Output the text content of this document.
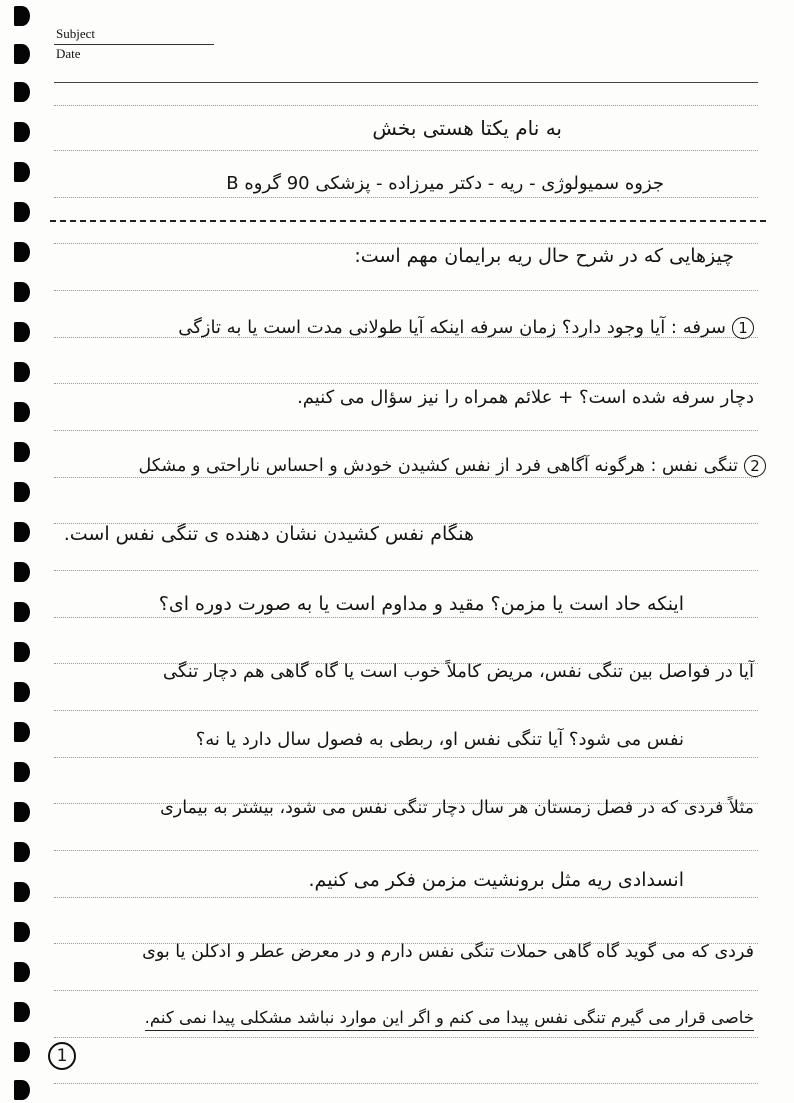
Subject
Date
به نام یکتا هستی بخش
جزوه سمیولوژی - ریه - دکتر میرزاده - پزشکی 90 گروه B
چیزهایی که در شرح حال ریه برایمان مهم است:
1سرفه : آیا وجود دارد؟ زمان سرفه اینکه آیا طولانی مدت است یا به تازگی
دچار سرفه شده است؟ + علائم همراه را نیز سؤال می کنیم.
2تنگی نفس : هرگونه آگاهی فرد از نفس کشیدن خودش و احساس ناراحتی و مشکل
هنگام نفس کشیدن نشان دهنده ی تنگی نفس است.
اینکه حاد است یا مزمن؟ مقید و مداوم است یا به صورت دوره ای؟
آیا در فواصل بین تنگی نفس، مریض کاملاً خوب است یا گاه گاهی هم دچار تنگی
نفس می شود؟ آیا تنگی نفس او، ربطی به فصول سال دارد یا نه؟
مثلاً فردی که در فصل زمستان هر سال دچار تنگی نفس می شود، بیشتر به بیماری
انسدادی ریه مثل برونشیت مزمن فکر می کنیم.
فردی که می گوید گاه گاهی حملات تنگی نفس دارم و در معرض عطر و ادکلن یا بوی
خاصی قرار می گیرم تنگی نفس پیدا می کنم و اگر این موارد نباشد مشکلی پیدا نمی کنم.
1
